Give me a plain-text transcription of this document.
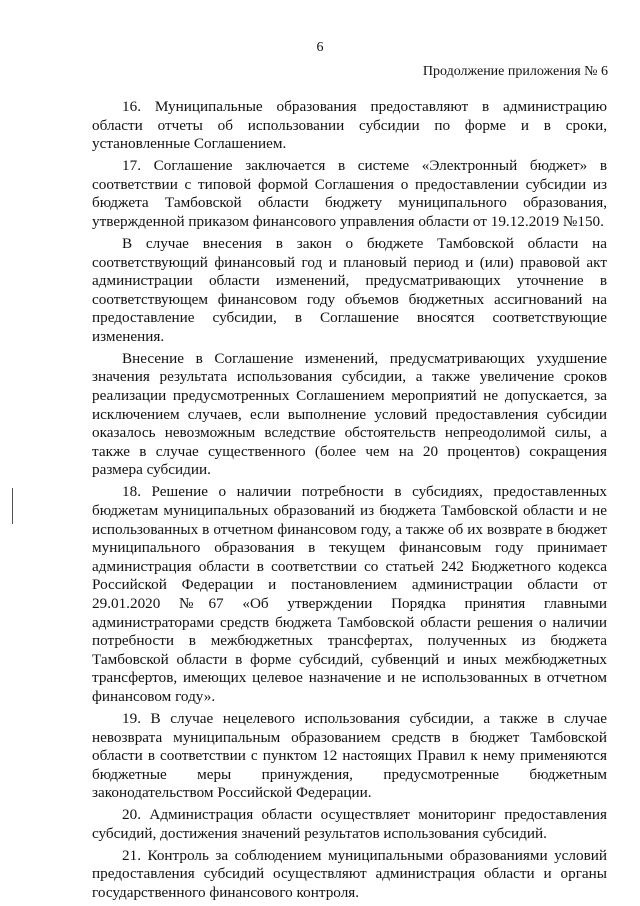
6
Продолжение приложения № 6

16. Муниципальные образования предоставляют в администрацию области отчеты об использовании субсидии по форме и в сроки, установленные Соглашением.

17. Соглашение заключается в системе «Электронный бюджет» в соответствии с типовой формой Соглашения о предоставлении субсидии из бюджета Тамбовской области бюджету муниципального образования, утвержденной приказом финансового управления области от 19.12.2019 №150.

В случае внесения в закон о бюджете Тамбовской области на соответствующий финансовый год и плановый период и (или) правовой акт администрации области изменений, предусматривающих уточнение в соответствующем финансовом году объемов бюджетных ассигнований на предоставление субсидии, в Соглашение вносятся соответствующие изменения.

Внесение в Соглашение изменений, предусматривающих ухудшение значения результата использования субсидии, а также увеличение сроков реализации предусмотренных Соглашением мероприятий не допускается, за исключением случаев, если выполнение условий предоставления субсидии оказалось невозможным вследствие обстоятельств непреодолимой силы, а также в случае существенного (более чем на 20 процентов) сокращения размера субсидии.

18. Решение о наличии потребности в субсидиях, предоставленных бюджетам муниципальных образований из бюджета Тамбовской области и не использованных в отчетном финансовом году, а также об их возврате в бюджет муниципального образования в текущем финансовым году принимает администрация области в соответствии со статьей 242 Бюджетного кодекса Российской Федерации и постановлением администрации области от 29.01.2020 №67 «Об утверждении Порядка принятия главными администраторами средств бюджета Тамбовской области решения о наличии потребности в межбюджетных трансфертах, полученных из бюджета Тамбовской области в форме субсидий, субвенций и иных межбюджетных трансфертов, имеющих целевое назначение и не использованных в отчетном финансовом году».

19. В случае нецелевого использования субсидии, а также в случае невозврата муниципальным образованием средств в бюджет Тамбовской области в соответствии с пунктом 12 настоящих Правил к нему применяются бюджетные меры принуждения, предусмотренные бюджетным законодательством Российской Федерации.

20. Администрация области осуществляет мониторинг предоставления субсидий, достижения значений результатов использования субсидий.

21. Контроль за соблюдением муниципальными образованиями условий предоставления субсидий осуществляют администрация области и органы государственного финансового контроля.
